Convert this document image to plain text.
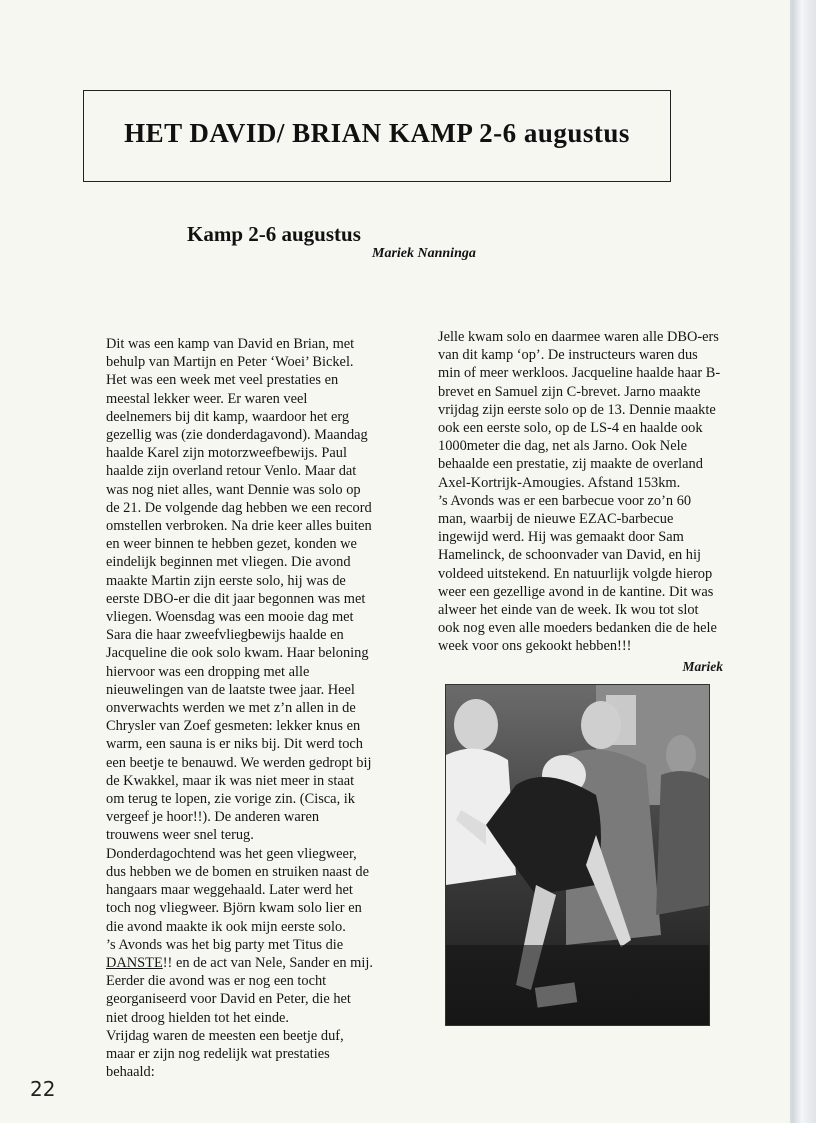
HET DAVID/ BRIAN KAMP 2-6 augustus
Kamp 2-6 augustus
Mariek Nanninga

Dit was een kamp van David en Brian, met behulp van Martijn en Peter ‘Woei’ Bickel. Het was een week met veel prestaties en meestal lekker weer. Er waren veel deelnemers bij dit kamp, waardoor het erg gezellig was (zie donderdagavond). Maandag haalde Karel zijn motorzweefbewijs. Paul haalde zijn overland retour Venlo. Maar dat was nog niet alles, want Dennie was solo op de 21. De volgende dag hebben we een record omstellen verbroken. Na drie keer alles buiten en weer binnen te hebben gezet, konden we eindelijk beginnen met vliegen. Die avond maakte Martin zijn eerste solo, hij was de eerste DBO-er die dit jaar begonnen was met vliegen. Woensdag was een mooie dag met Sara die haar zweefvliegbewijs haalde en Jacqueline die ook solo kwam. Haar beloning hiervoor was een dropping met alle nieuwelingen van de laatste twee jaar. Heel onverwachts werden we met z’n allen in de Chrysler van Zoef gesmeten: lekker knus en warm, een sauna is er niks bij. Dit werd toch een beetje te benauwd. We werden gedropt bij de Kwakkel, maar ik was niet meer in staat om terug te lopen, zie vorige zin. (Cisca, ik vergeef je hoor!!). De anderen waren trouwens weer snel terug.

Donderdagochtend was het geen vliegweer, dus hebben we de bomen en struiken naast de hangaars maar weggehaald. Later werd het toch nog vliegweer. Björn kwam solo lier en die avond maakte ik ook mijn eerste solo.

’s Avonds was het big party met Titus die DANSTE!! en de act van Nele, Sander en mij. Eerder die avond was er nog een tocht georganiseerd voor David en Peter, die het niet droog hielden tot het einde.

Vrijdag waren de meesten een beetje duf, maar er zijn nog redelijk wat prestaties behaald:

Jelle kwam solo en daarmee waren alle DBO-ers van dit kamp ‘op’. De instructeurs waren dus min of meer werkloos. Jacqueline haalde haar B-brevet en Samuel zijn C-brevet. Jarno maakte vrijdag zijn eerste solo op de 13. Dennie maakte ook een eerste solo, op de LS-4 en haalde ook 1000meter die dag, net als Jarno. Ook Nele behaalde een prestatie, zij maakte de overland Axel-Kortrijk-Amougies. Afstand 153km.

’s Avonds was er een barbecue voor zo’n 60 man, waarbij de nieuwe EZAC-barbecue ingewijd werd. Hij was gemaakt door Sam Hamelinck, de schoonvader van David, en hij voldeed uitstekend. En natuurlijk volgde hierop weer een gezellige avond in de kantine. Dit was alweer het einde van de week. Ik wou tot slot ook nog even alle moeders bedanken die de hele week voor ons gekookt hebben!!!

Mariek
22
